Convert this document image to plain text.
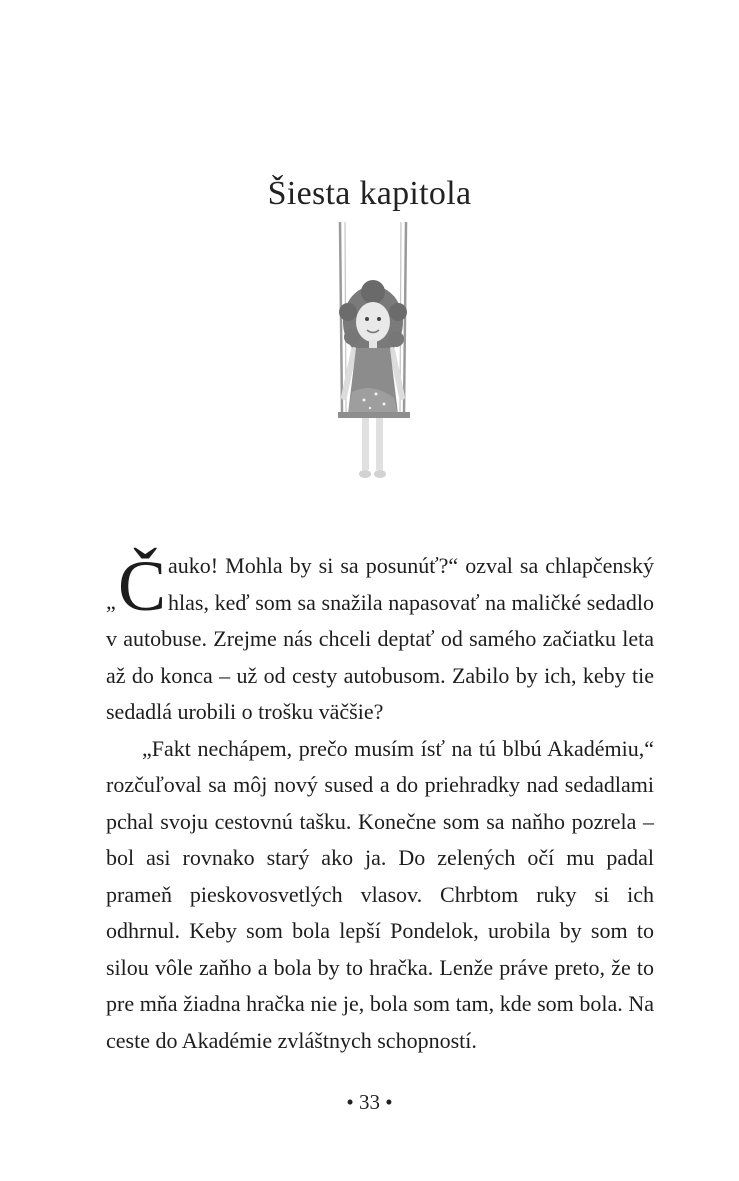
Šiesta kapitola

„ Č auko! Mohla by si sa posunúť?“ ozval sa chlapčenský hlas, keď som sa snažila napasovať na maličké sedadlo v autobuse. Zrejme nás chceli deptať od samého začiatku leta až do konca – už od cesty autobusom. Zabilo by ich, keby tie sedadlá urobili o trošku väčšie?

„Fakt nechápem, prečo musím ísť na tú blbú Akadémiu,“ rozčuľoval sa môj nový sused a do priehradky nad sedadlami pchal svoju cestovnú tašku. Konečne som sa naňho pozrela – bol asi rovnako starý ako ja. Do zelených očí mu padal prameň pieskovosvetlých vlasov. Chrbtom ruky si ich odhrnul. Keby som bola lepší Pondelok, urobila by som to silou vôle zaňho a bola by to hračka. Lenže práve preto, že to pre mňa žiadna hračka nie je, bola som tam, kde som bola. Na ceste do Akadémie zvláštnych schopností.

• 33 •
